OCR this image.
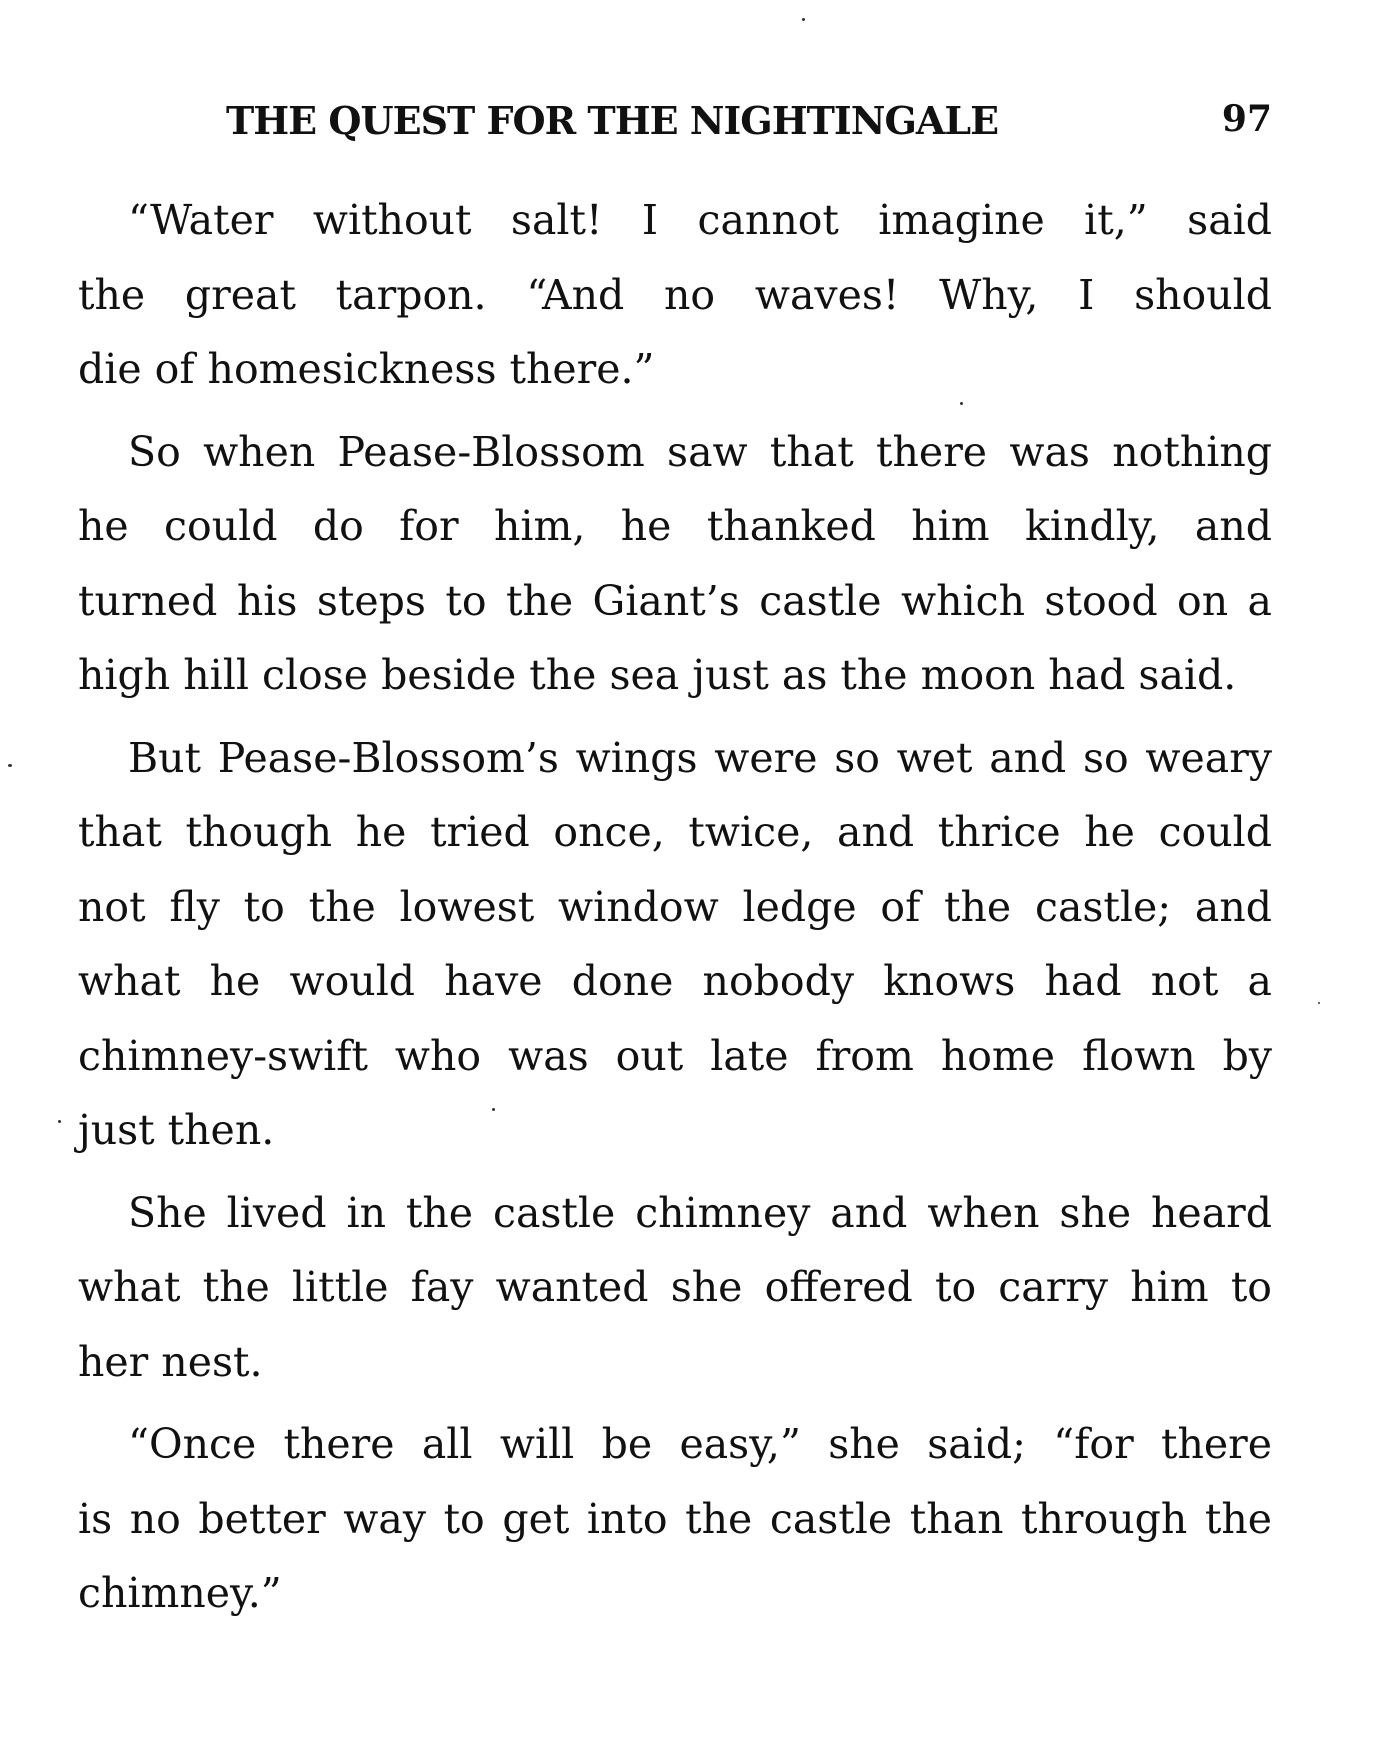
THE QUEST FOR THE NIGHTINGALE	97
“Water without salt! I cannot imagine it,” said
the great tarpon. “And no waves! Why, I should
die of homesickness there.”
So when Pease-Blossom saw that there was nothing
he could do for him, he thanked him kindly, and
turned his steps to the Giant’s castle which stood on a
high hill close beside the sea just as the moon had said.
But Pease-Blossom’s wings were so wet and so weary
that though he tried once, twice, and thrice he could
not fly to the lowest window ledge of the castle; and
what he would have done nobody knows had not a
chimney-swift who was out late from home flown by
just then.
She lived in the castle chimney and when she heard
what the little fay wanted she offered to carry him to
her nest.
“Once there all will be easy,” she said; “for there
is no better way to get into the castle than through the
chimney.”
